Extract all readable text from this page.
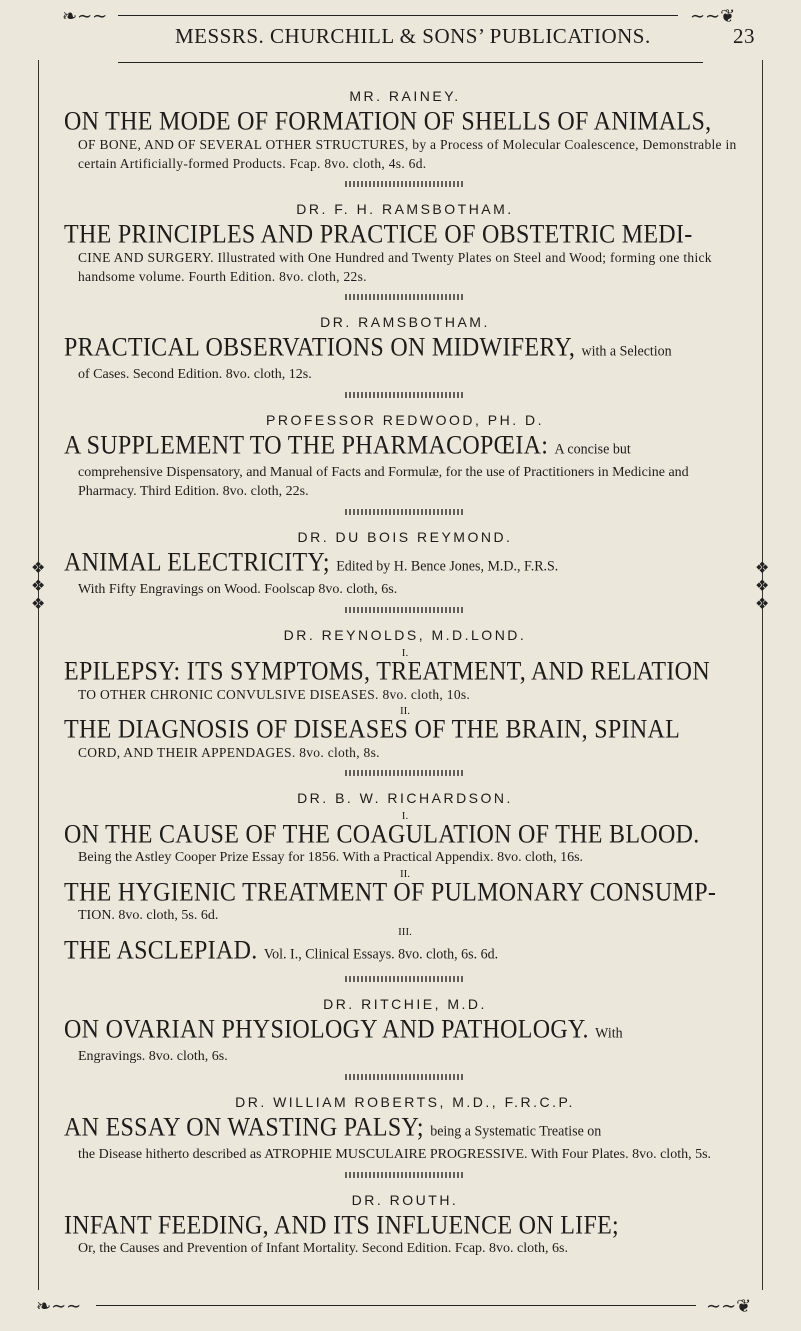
❧∼∼	∼∼❦
MESSRS. CHURCHILL & SONS’ PUBLICATIONS.	23
❖
❖
❖
❖
❖
❖

MR. RAINEY.

ON THE MODE OF FORMATION OF SHELLS OF ANIMALS,

OF BONE, AND OF SEVERAL OTHER STRUCTURES, by a Process of Molecular Coalescence, Demonstrable in certain Artificially-formed Products. Fcap. 8vo. cloth, 4s. 6d.

DR. F. H. RAMSBOTHAM.

THE PRINCIPLES AND PRACTICE OF OBSTETRIC MEDI-

CINE AND SURGERY. Illustrated with One Hundred and Twenty Plates on Steel and Wood; forming one thick handsome volume. Fourth Edition. 8vo. cloth, 22s.

DR. RAMSBOTHAM.

PRACTICAL OBSERVATIONS ON MIDWIFERY, with a Selection

of Cases. Second Edition. 8vo. cloth, 12s.

PROFESSOR REDWOOD, PH. D.

A SUPPLEMENT TO THE PHARMACOPŒIA: A concise but

comprehensive Dispensatory, and Manual of Facts and Formulæ, for the use of Practitioners in Medicine and Pharmacy. Third Edition. 8vo. cloth, 22s.

DR. DU BOIS REYMOND.

ANIMAL ELECTRICITY; Edited by H. Bence Jones, M.D., F.R.S.

With Fifty Engravings on Wood. Foolscap 8vo. cloth, 6s.

DR. REYNOLDS, M.D.LOND.

I.

EPILEPSY: ITS SYMPTOMS, TREATMENT, AND RELATION

TO OTHER CHRONIC CONVULSIVE DISEASES. 8vo. cloth, 10s.

II.

THE DIAGNOSIS OF DISEASES OF THE BRAIN, SPINAL

CORD, AND THEIR APPENDAGES. 8vo. cloth, 8s.

DR. B. W. RICHARDSON.

I.

ON THE CAUSE OF THE COAGULATION OF THE BLOOD.

Being the Astley Cooper Prize Essay for 1856. With a Practical Appendix. 8vo. cloth, 16s.

II.

THE HYGIENIC TREATMENT OF PULMONARY CONSUMP-

TION. 8vo. cloth, 5s. 6d.

III.

THE ASCLEPIAD. Vol. I., Clinical Essays. 8vo. cloth, 6s. 6d.

DR. RITCHIE, M.D.

ON OVARIAN PHYSIOLOGY AND PATHOLOGY. With

Engravings. 8vo. cloth, 6s.

DR. WILLIAM ROBERTS, M.D., F.R.C.P.

AN ESSAY ON WASTING PALSY; being a Systematic Treatise on

the Disease hitherto described as ATROPHIE MUSCULAIRE PROGRESSIVE. With Four Plates. 8vo. cloth, 5s.

DR. ROUTH.

INFANT FEEDING, AND ITS INFLUENCE ON LIFE;

Or, the Causes and Prevention of Infant Mortality. Second Edition. Fcap. 8vo. cloth, 6s.

❧∼∼	∼∼❦
